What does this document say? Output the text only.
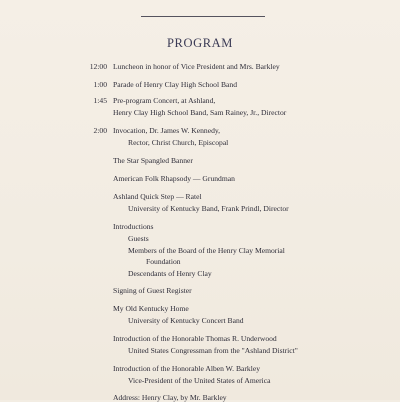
PROGRAM
12:00
1:00
1:45
2:00
Luncheon in honor of Vice President and Mrs. Barkley
Parade of Henry Clay High School Band
Pre-program Concert, at Ashland,
Henry Clay High School Band, Sam Rainey, Jr., Director
Invocation, Dr. James W. Kennedy,
Rector, Christ Church, Episcopal
The Star Spangled Banner
American Folk Rhapsody — Grundman
Ashland Quick Step — Ratel
University of Kentucky Band, Frank Prindl, Director
Introductions
Guests
Members of the Board of the Henry Clay Memorial
Foundation
Descendants of Henry Clay
Signing of Guest Register
My Old Kentucky Home
University of Kentucky Concert Band
Introduction of the Honorable Thomas R. Underwood
United States Congressman from the "Ashland District"
Introduction of the Honorable Alben W. Barkley
Vice-President of the United States of America
Address: Henry Clay, by Mr. Barkley
